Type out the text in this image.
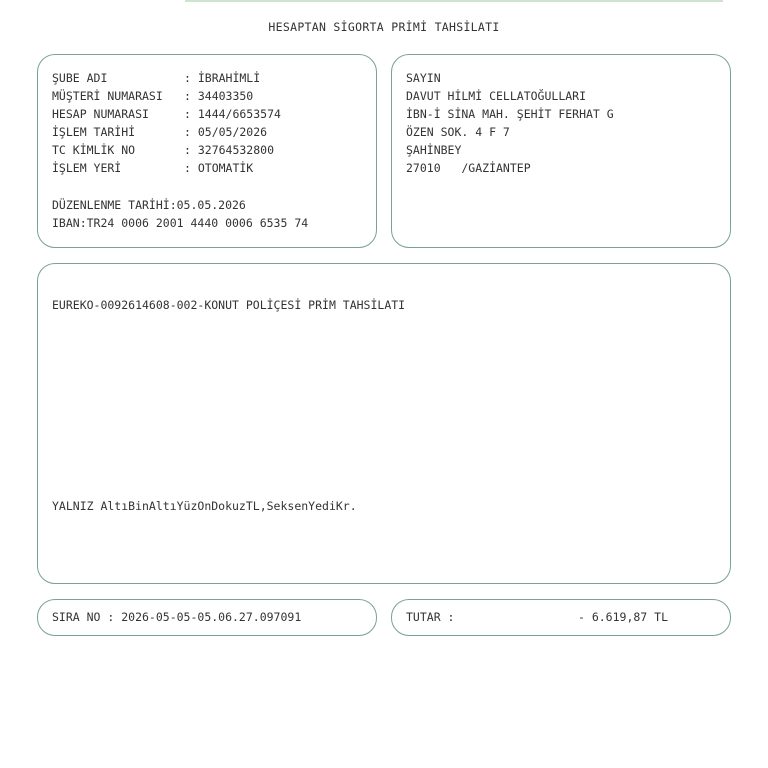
HESAPTAN SİGORTA PRİMİ TAHSİLATI
ŞUBE ADI	: İBRAHİMLİ
MÜŞTERİ NUMARASI : 34403350
HESAP NUMARASI	: 1444/6653574
İŞLEM TARİHİ	: 05/05/2026
TC KİMLİK NO	: 32764532800
İŞLEM YERİ	: OTOMATİK
DÜZENLENME TARİHİ:05.05.2026
IBAN:TR24 0006 2001 4440 0006 6535 74
SAYIN
DAVUT HİLMİ CELLATOĞULLARI
İBN-İ SİNA MAH. ŞEHİT FERHAT G
ÖZEN SOK. 4 F 7
ŞAHİNBEY
27010   /GAZİANTEP
EUREKO-0092614608-002-KONUT POLİÇESİ PRİM TAHSİLATI
YALNIZ AltıBinAltıYüzOnDokuzTL,SeksenYediKr.
SIRA NO : 2026-05-05-05.06.27.097091	TUTAR :	- 6.619,87 TL
